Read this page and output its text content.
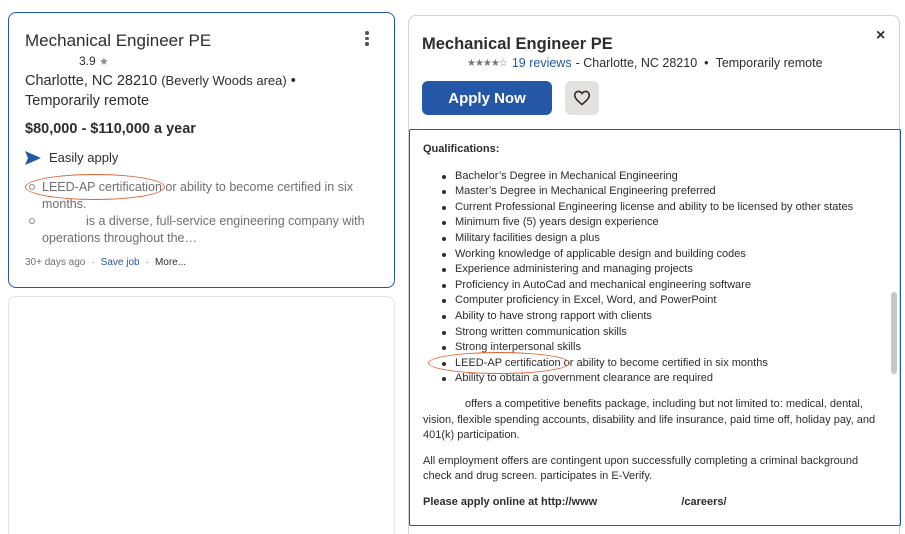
Mechanical Engineer PE
3.9 ★
Charlotte, NC 28210 (Beverly Woods area) • Temporarily remote
$80,000 - $110,000 a year
Easily apply
LEED-AP certification or ability to become certified in six months.
is a diverse, full-service engineering company with operations throughout the…
30+ days ago · Save job · More...
×
Mechanical Engineer PE
★★★★☆ 19 reviews - Charlotte, NC 28210 • Temporarily remote
Apply Now
Qualifications:
Bachelor’s Degree in Mechanical Engineering
Master’s Degree in Mechanical Engineering preferred
Current Professional Engineering license and ability to be licensed by other states
Minimum five (5) years design experience
Military facilities design a plus
Working knowledge of applicable design and building codes
Experience administering and managing projects
Proficiency in AutoCad and mechanical engineering software
Computer proficiency in Excel, Word, and PowerPoint
Ability to have strong rapport with clients
Strong written communication skills
Strong interpersonal skills
LEED-AP certification or ability to become certified in six months
Ability to obtain a government clearance are required

offers a competitive benefits package, including but not limited to: medical, dental, vision, flexible spending accounts, disability and life insurance, paid time off, holiday pay, and 401(k) participation.

All employment offers are contingent upon successfully completing a criminal background check and drug screen. participates in E-Verify.

Please apply online at http://www	/careers/
